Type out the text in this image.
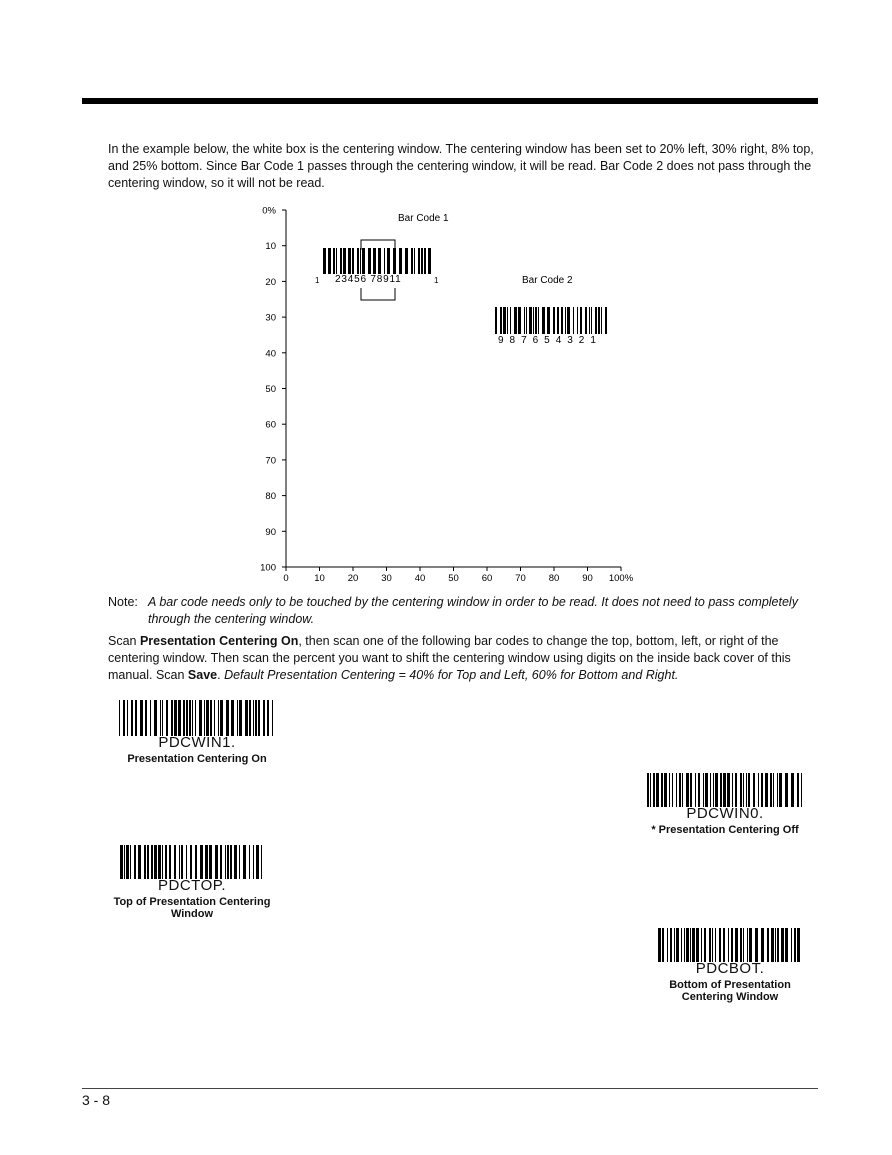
In the example below, the white box is the centering window. The centering window has been set to 20% left, 30% right, 8% top, and 25% bottom. Since Bar Code 1 passes through the centering window, it will be read. Bar Code 2 does not pass through the centering window, so it will not be read.

0%
10
20
30
40
50
60
70
80
90
100
0	10 20 30 40 50 60 70 80 90 100%
Bar Code 1
1 23456 78911	1	Bar Code 2
9 8 7 6 5 4 3 2 1
Note: A bar code needs only to be touched by the centering window in order to be read. It does not need to pass completely through the centering window.

Scan Presentation Centering On, then scan one of the following bar codes to change the top, bottom, left, or right of the centering window. Then scan the percent you want to shift the centering window using digits on the inside back cover of this manual. Scan Save. Default Presentation Centering = 40% for Top and Left, 60% for Bottom and Right.

PDCWIN1.
Presentation Centering On
PDCWIN0.
* Presentation Centering Off
PDCTOP.
Top of Presentation Centering Window
PDCBOT.
Bottom of Presentation Centering Window
3 - 8
